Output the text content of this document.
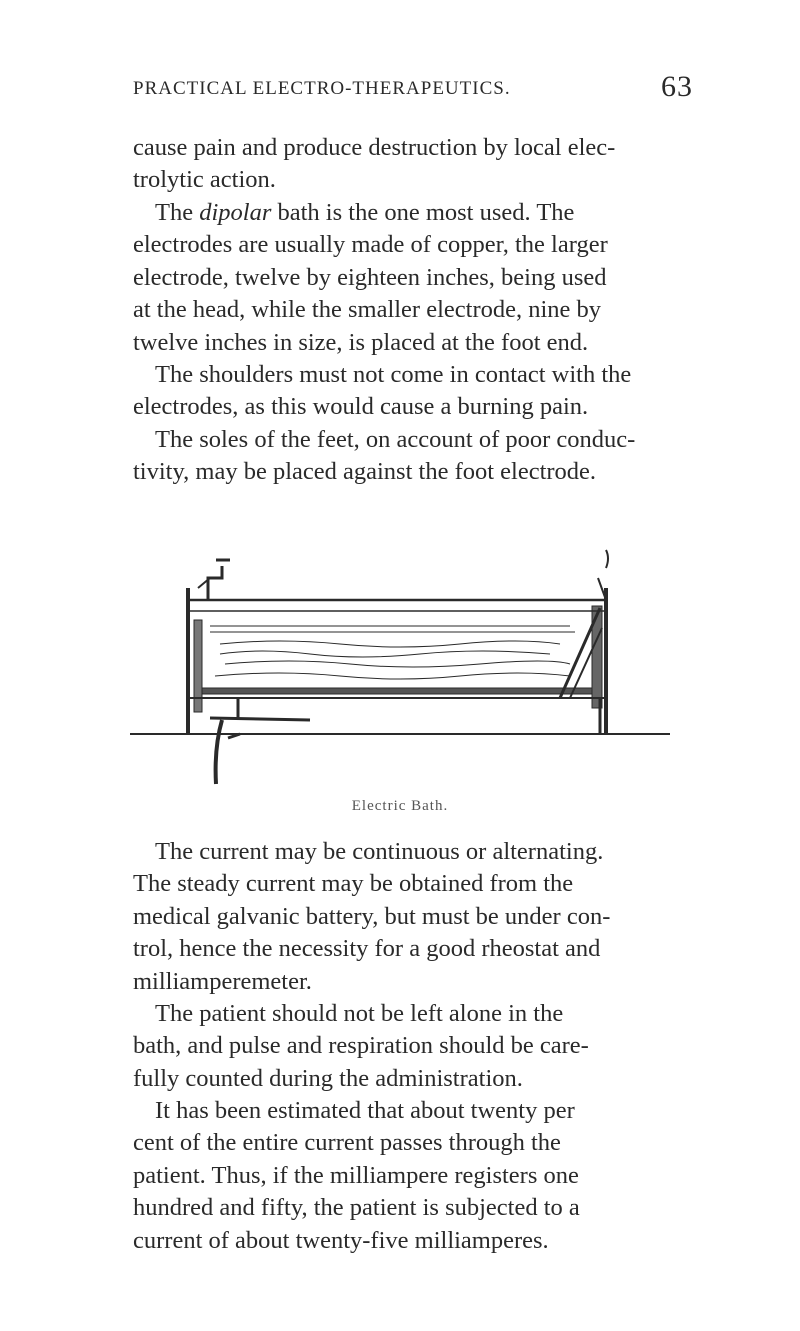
PRACTICAL ELECTRO-THERAPEUTICS.	63

cause pain and produce destruction by local elec-
trolytic action.

The dipolar bath is the one most used. The
electrodes are usually made of copper, the larger
electrode, twelve by eighteen inches, being used
at the head, while the smaller electrode, nine by
twelve inches in size, is placed at the foot end.
The shoulders must not come in contact with the
electrodes, as this would cause a burning pain.
The soles of the feet, on account of poor conduc-
tivity, may be placed against the foot electrode.

Electric Bath.

The current may be continuous or alternating.
The steady current may be obtained from the
medical galvanic battery, but must be under con-
trol, hence the necessity for a good rheostat and
milliamperemeter.

The patient should not be left alone in the
bath, and pulse and respiration should be care-
fully counted during the administration.

It has been estimated that about twenty per
cent of the entire current passes through the
patient. Thus, if the milliampere registers one
hundred and fifty, the patient is subjected to a
current of about twenty-five milliamperes.
